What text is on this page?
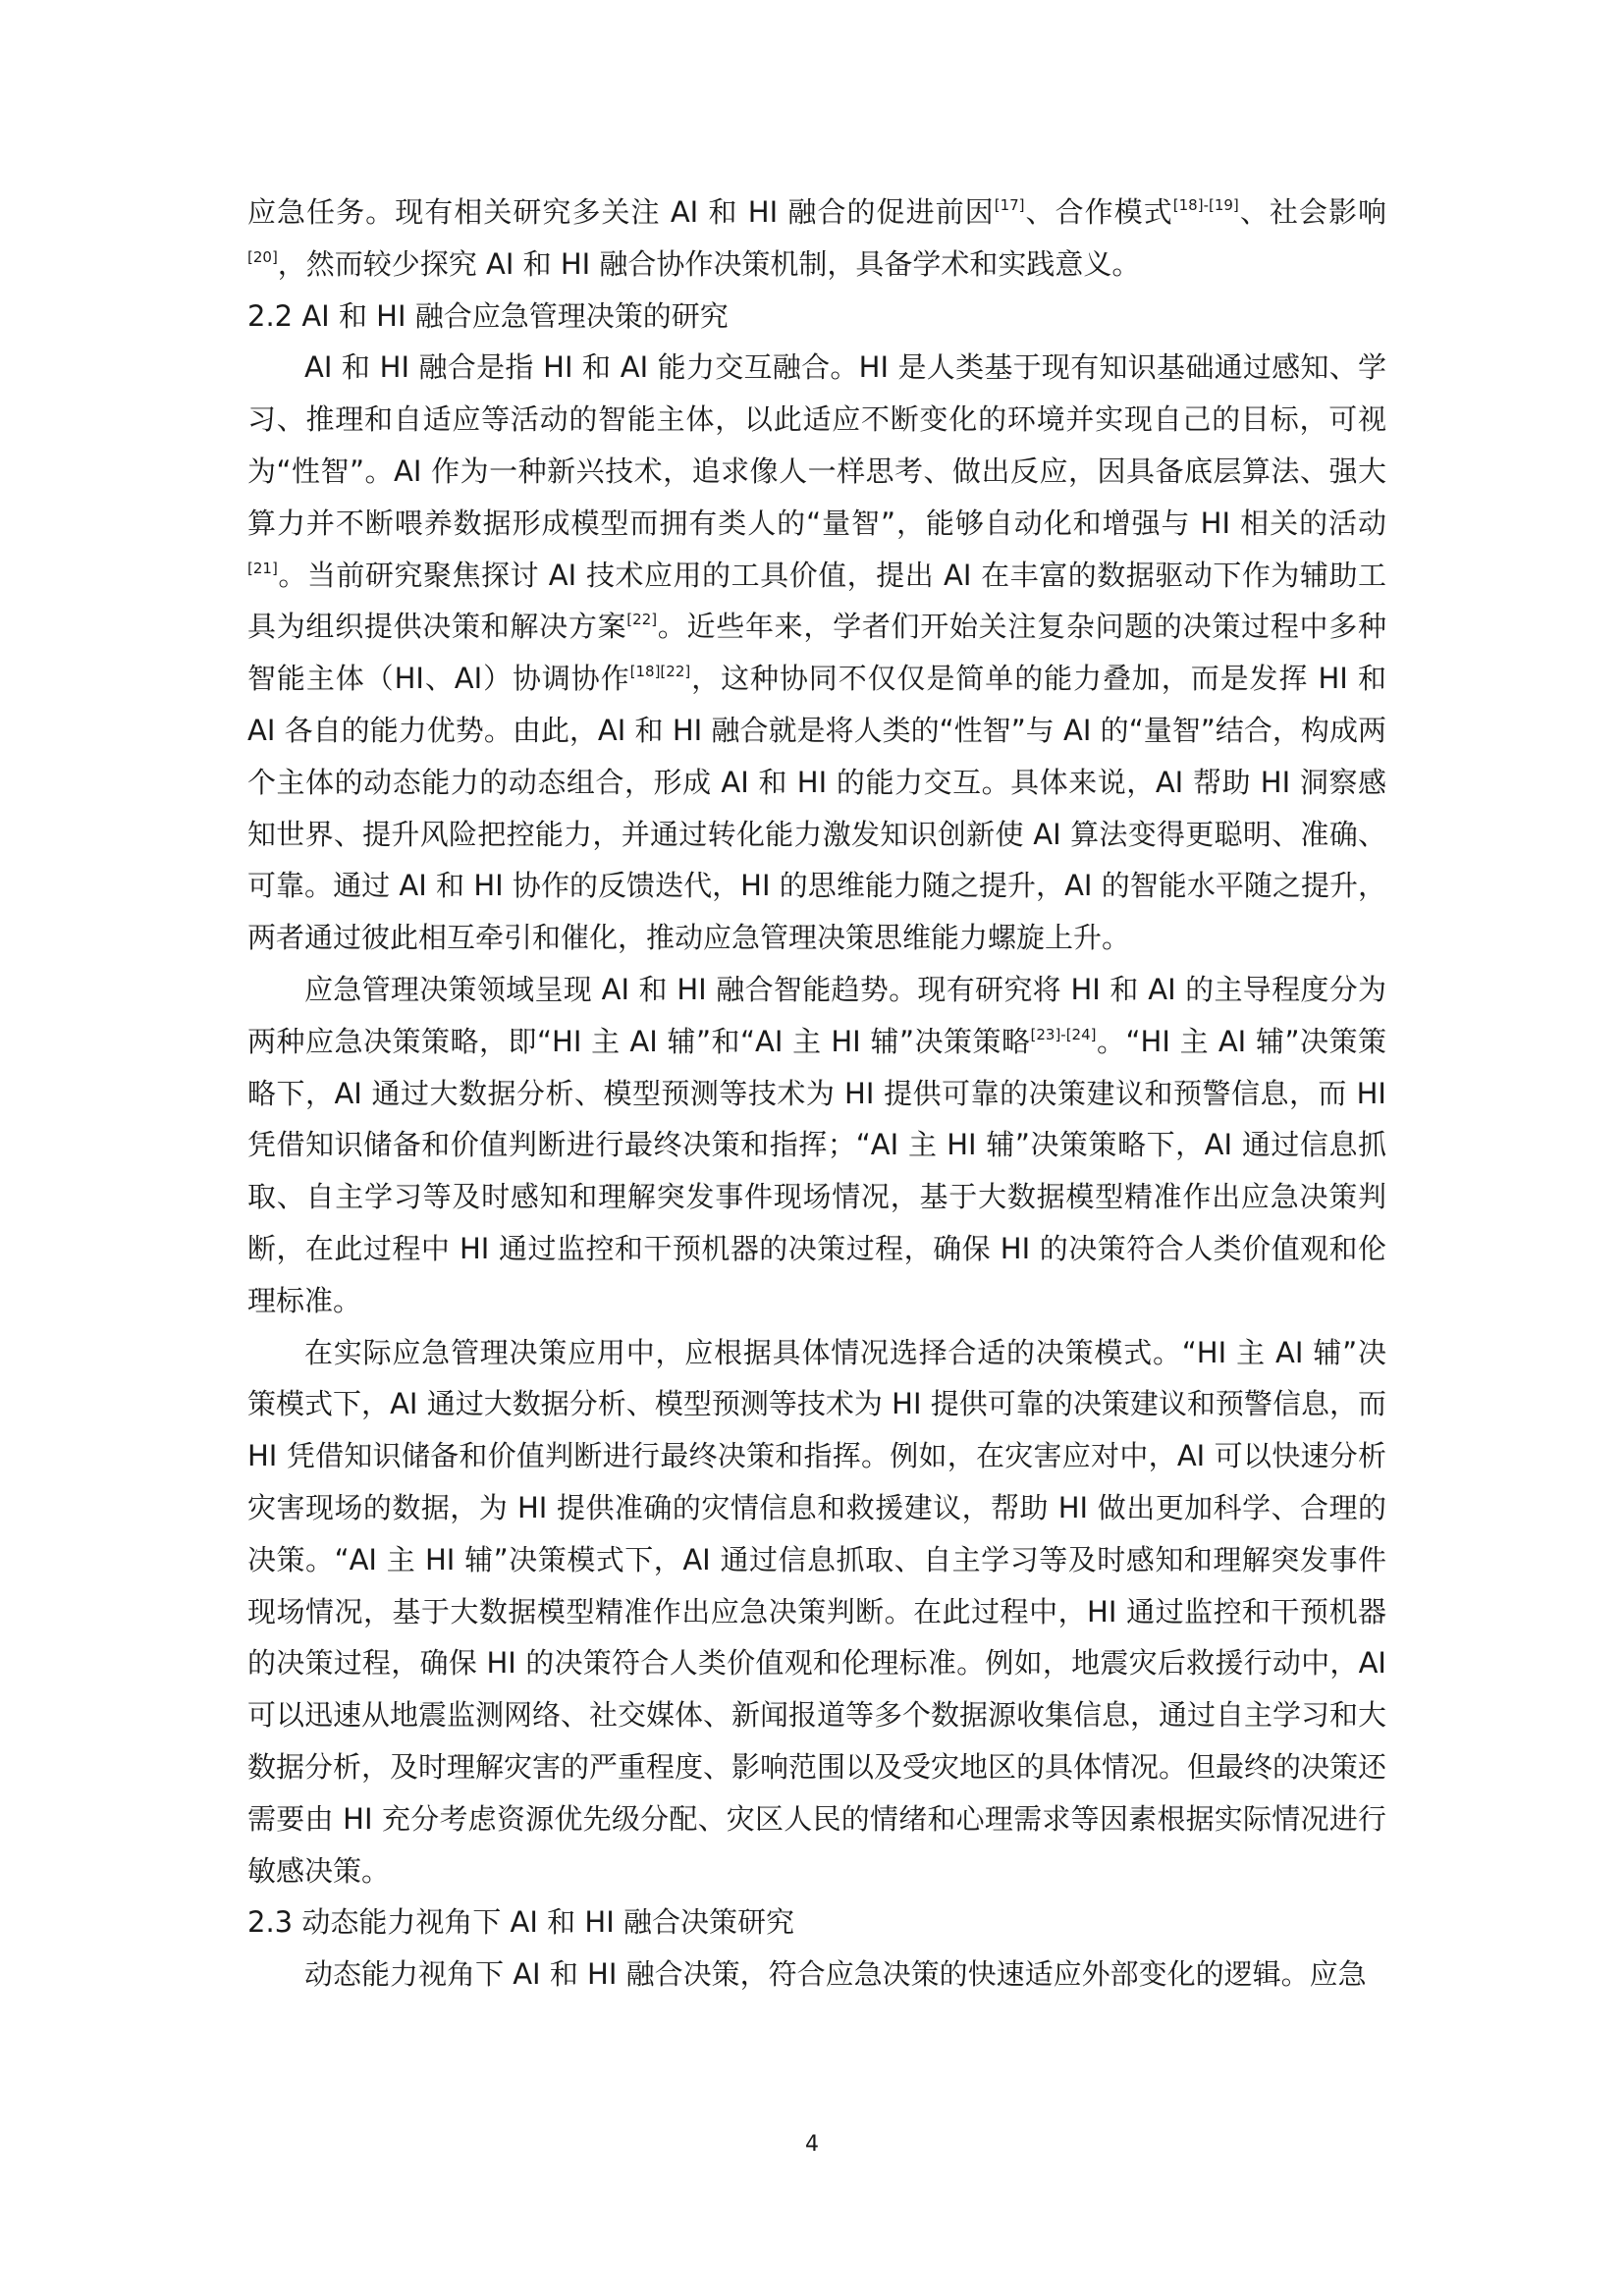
应急任务。现有相关研究多关注 AI 和 HI 融合的促进前因[17]、合作模式[18]-[19]、社会影响[20]，然而较少探究 AI 和 HI 融合协作决策机制，具备学术和实践意义。

2.2 AI 和 HI 融合应急管理决策的研究

AI 和 HI 融合是指 HI 和 AI 能力交互融合。HI 是人类基于现有知识基础通过感知、学习、推理和自适应等活动的智能主体，以此适应不断变化的环境并实现自己的目标，可视为“性智”。AI 作为一种新兴技术，追求像人一样思考、做出反应，因具备底层算法、强大算力并不断喂养数据形成模型而拥有类人的“量智”，能够自动化和增强与 HI 相关的活动[21]。当前研究聚焦探讨 AI 技术应用的工具价值，提出 AI 在丰富的数据驱动下作为辅助工具为组织提供决策和解决方案[22]。近些年来，学者们开始关注复杂问题的决策过程中多种智能主体（HI、AI）协调协作[18][22]，这种协同不仅仅是简单的能力叠加，而是发挥 HI 和 AI 各自的能力优势。由此，AI 和 HI 融合就是将人类的“性智”与 AI 的“量智”结合，构成两个主体的动态能力的动态组合，形成 AI 和 HI 的能力交互。具体来说，AI 帮助 HI 洞察感知世界、提升风险把控能力，并通过转化能力激发知识创新使 AI 算法变得更聪明、准确、可靠。通过 AI 和 HI 协作的反馈迭代，HI 的思维能力随之提升，AI 的智能水平随之提升，两者通过彼此相互牵引和催化，推动应急管理决策思维能力螺旋上升。

应急管理决策领域呈现 AI 和 HI 融合智能趋势。现有研究将 HI 和 AI 的主导程度分为两种应急决策策略，即“HI 主 AI 辅”和“AI 主 HI 辅”决策策略[23]-[24]。“HI 主 AI 辅”决策策略下，AI 通过大数据分析、模型预测等技术为 HI 提供可靠的决策建议和预警信息，而 HI 凭借知识储备和价值判断进行最终决策和指挥；“AI 主 HI 辅”决策策略下，AI 通过信息抓取、自主学习等及时感知和理解突发事件现场情况，基于大数据模型精准作出应急决策判断，在此过程中 HI 通过监控和干预机器的决策过程，确保 HI 的决策符合人类价值观和伦理标准。

在实际应急管理决策应用中，应根据具体情况选择合适的决策模式。“HI 主 AI 辅”决策模式下，AI 通过大数据分析、模型预测等技术为 HI 提供可靠的决策建议和预警信息，而 HI 凭借知识储备和价值判断进行最终决策和指挥。例如，在灾害应对中，AI 可以快速分析灾害现场的数据，为 HI 提供准确的灾情信息和救援建议，帮助 HI 做出更加科学、合理的决策。“AI 主 HI 辅”决策模式下，AI 通过信息抓取、自主学习等及时感知和理解突发事件现场情况，基于大数据模型精准作出应急决策判断。在此过程中，HI 通过监控和干预机器的决策过程，确保 HI 的决策符合人类价值观和伦理标准。例如，地震灾后救援行动中，AI 可以迅速从地震监测网络、社交媒体、新闻报道等多个数据源收集信息，通过自主学习和大数据分析，及时理解灾害的严重程度、影响范围以及受灾地区的具体情况。但最终的决策还需要由 HI 充分考虑资源优先级分配、灾区人民的情绪和心理需求等因素根据实际情况进行敏感决策。

2.3 动态能力视角下 AI 和 HI 融合决策研究

动态能力视角下 AI 和 HI 融合决策，符合应急决策的快速适应外部变化的逻辑。应急

4
